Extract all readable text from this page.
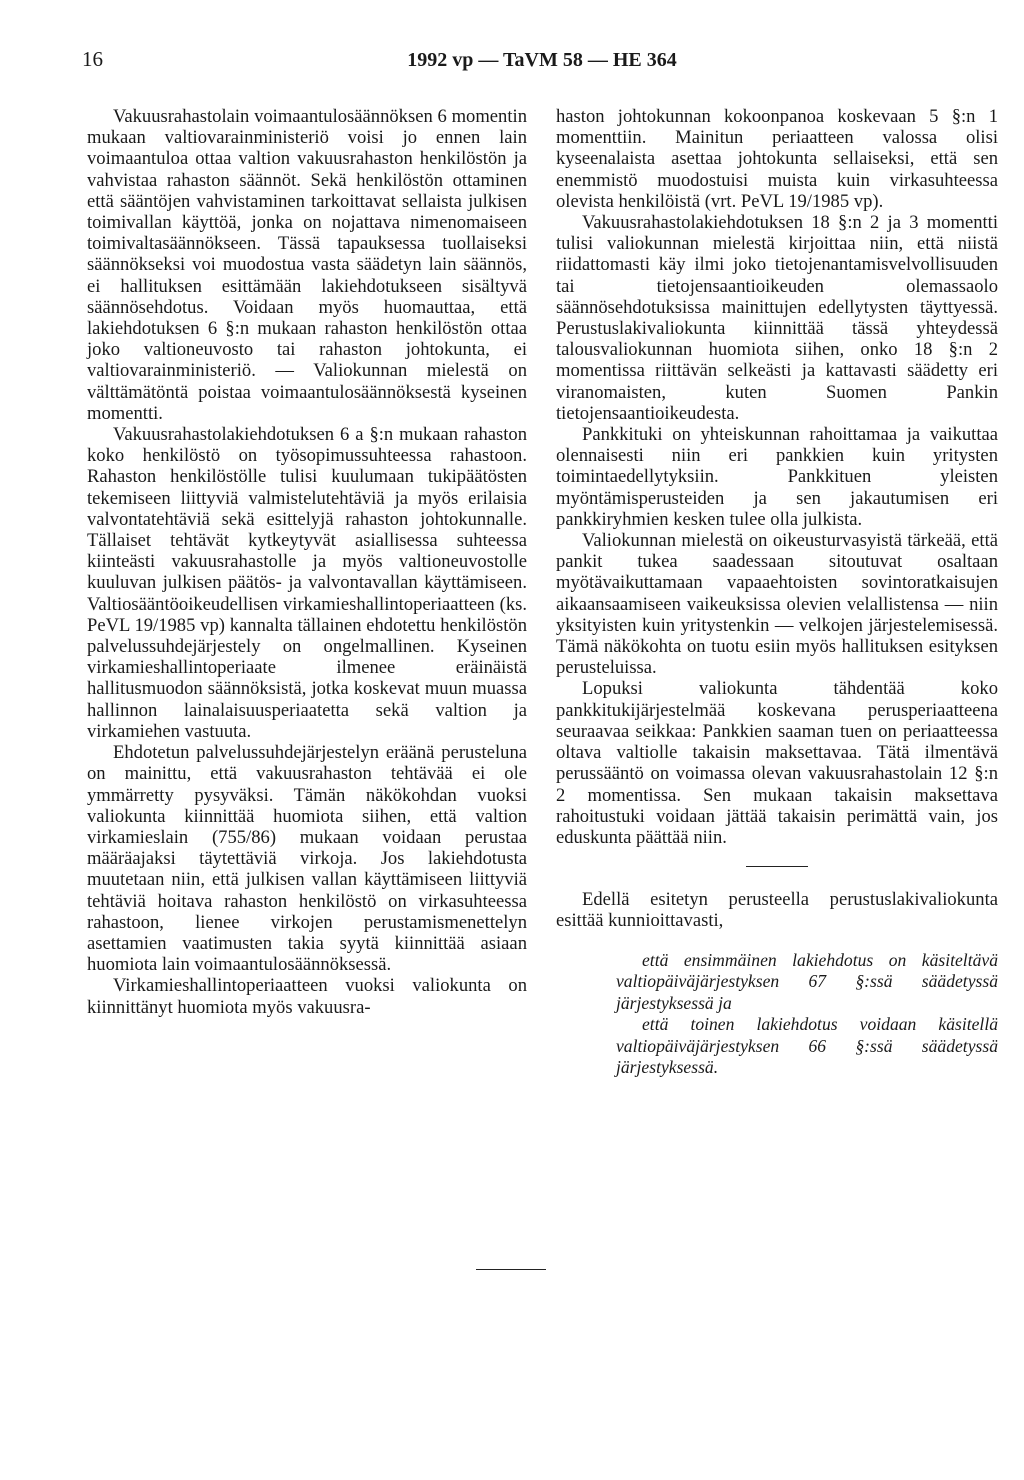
16	1992 vp — TaVM 58 — HE 364

Vakuusrahastolain voimaantulosäännöksen 6 momentin mukaan valtiovarainministeriö voisi jo ennen lain voimaantuloa ottaa valtion vakuusrahaston henkilöstön ja vahvistaa rahaston säännöt. Sekä henkilöstön ottaminen että sääntöjen vahvistaminen tarkoittavat sellaista julkisen toimivallan käyttöä, jonka on nojattava nimenomaiseen toimivaltasäännökseen. Tässä tapauksessa tuollaiseksi säännökseksi voi muodostua vasta säädetyn lain säännös, ei hallituksen esittämään lakiehdotukseen sisältyvä säännösehdotus. Voidaan myös huomauttaa, että lakiehdotuksen 6 §:n mukaan rahaston henkilöstön ottaa joko valtioneuvosto tai rahaston johtokunta, ei valtiovarainministeriö. — Valiokunnan mielestä on välttämätöntä poistaa voimaantulosäännöksestä kyseinen momentti.

Vakuusrahastolakiehdotuksen 6 a §:n mukaan rahaston koko henkilöstö on työsopimussuhteessa rahastoon. Rahaston henkilöstölle tulisi kuulumaan tukipäätösten tekemiseen liittyviä valmistelutehtäviä ja myös erilaisia valvontatehtäviä sekä esittelyjä rahaston johtokunnalle. Tällaiset tehtävät kytkeytyvät asiallisessa suhteessa kiinteästi vakuusrahastolle ja myös valtioneuvostolle kuuluvan julkisen päätös- ja valvontavallan käyttämiseen. Valtiosääntöoikeudellisen virkamieshallintoperiaatteen (ks. PeVL 19/1985 vp) kannalta tällainen ehdotettu henkilöstön palvelussuhdejärjestely on ongelmallinen. Kyseinen virkamieshallintoperiaate ilmenee eräinäistä hallitusmuodon säännöksistä, jotka koskevat muun muassa hallinnon lainalaisuusperiaatetta sekä valtion ja virkamiehen vastuuta.

Ehdotetun palvelussuhdejärjestelyn eräänä perusteluna on mainittu, että vakuusrahaston tehtävää ei ole ymmärretty pysyväksi. Tämän näkökohdan vuoksi valiokunta kiinnittää huomiota siihen, että valtion virkamieslain (755/86) mukaan voidaan perustaa määräajaksi täytettäviä virkoja. Jos lakiehdotusta muutetaan niin, että julkisen vallan käyttämiseen liittyviä tehtäviä hoitava rahaston henkilöstö on virkasuhteessa rahastoon, lienee virkojen perustamismenettelyn asettamien vaatimusten takia syytä kiinnittää asiaan huomiota lain voimaantulosäännöksessä.

Virkamieshallintoperiaatteen vuoksi valiokunta on kiinnittänyt huomiota myös vakuusra-

haston johtokunnan kokoonpanoa koskevaan 5 §:n 1 momenttiin. Mainitun periaatteen valossa olisi kyseenalaista asettaa johtokunta sellaiseksi, että sen enemmistö muodostuisi muista kuin virkasuhteessa olevista henkilöistä (vrt. PeVL 19/1985 vp).

Vakuusrahastolakiehdotuksen 18 §:n 2 ja 3 momentti tulisi valiokunnan mielestä kirjoittaa niin, että niistä riidattomasti käy ilmi joko tietojenantamisvelvollisuuden tai tietojensaantioikeuden olemassaolo säännösehdotuksissa mainittujen edellytysten täyttyessä. Perustuslakivaliokunta kiinnittää tässä yhteydessä talousvaliokunnan huomiota siihen, onko 18 §:n 2 momentissa riittävän selkeästi ja kattavasti säädetty eri viranomaisten, kuten Suomen Pankin tietojensaantioikeudesta.

Pankkituki on yhteiskunnan rahoittamaa ja vaikuttaa olennaisesti niin eri pankkien kuin yritysten toimintaedellytyksiin. Pankkituen yleisten myöntämisperusteiden ja sen jakautumisen eri pankkiryhmien kesken tulee olla julkista.

Valiokunnan mielestä on oikeusturvasyistä tärkeää, että pankit tukea saadessaan sitoutuvat osaltaan myötävaikuttamaan vapaaehtoisten sovintoratkaisujen aikaansaamiseen vaikeuksissa olevien velallistensa — niin yksityisten kuin yritystenkin — velkojen järjestelemisessä. Tämä näkökohta on tuotu esiin myös hallituksen esityksen perusteluissa.

Lopuksi valiokunta tähdentää koko pankkitukijärjestelmää koskevana perusperiaatteena seuraavaa seikkaa: Pankkien saaman tuen on periaatteessa oltava valtiolle takaisin maksettavaa. Tätä ilmentävä perussääntö on voimassa olevan vakuusrahastolain 12 §:n 2 momentissa. Sen mukaan takaisin maksettava rahoitustuki voidaan jättää takaisin perimättä vain, jos eduskunta päättää niin.

Edellä esitetyn perusteella perustuslakivaliokunta esittää kunnioittavasti,

että ensimmäinen lakiehdotus on käsiteltävä valtiopäiväjärjestyksen 67 §:ssä säädetyssä järjestyksessä ja

että toinen lakiehdotus voidaan käsitellä valtiopäiväjärjestyksen 66 §:ssä säädetyssä järjestyksessä.
